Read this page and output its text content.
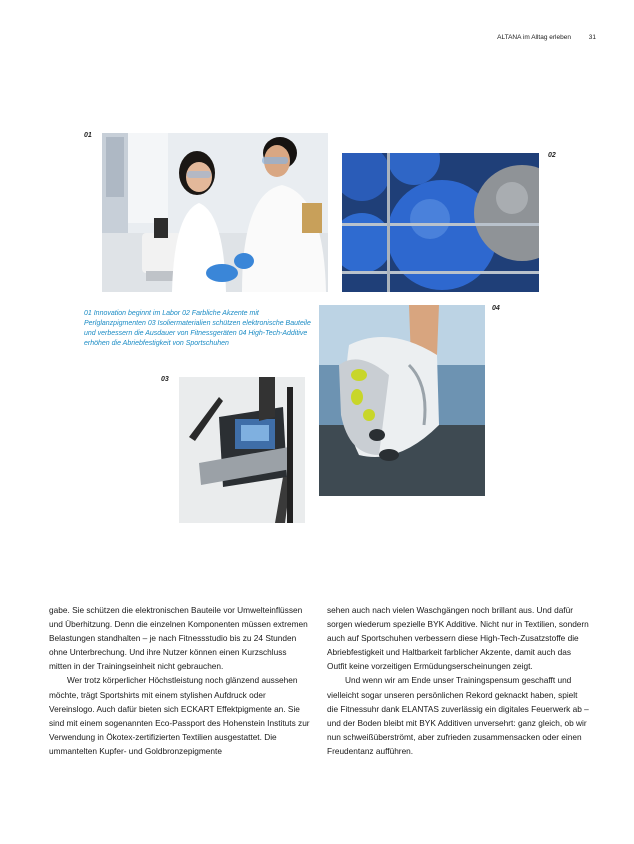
ALTANA im Alltag erleben	31
01
02
03
04
01 Innovation beginnt im Labor 02 Farbliche Akzente mit Perlglanzpigmenten 03 Isoliermaterialien schützen elektronische Bauteile und verbessern die Ausdauer von Fitnessgeräten 04 High-Tech-Additive erhöhen die Abriebfestigkeit von Sportschuhen

gabe. Sie schützen die elektronischen Bauteile vor Umwelteinflüssen und Überhitzung. Denn die einzelnen Komponenten müssen extremen Belastungen standhalten – je nach Fitnessstudio bis zu 24 Stunden ohne Unterbrechung. Und ihre Nutzer können einen Kurzschluss mitten in der Trainingseinheit nicht gebrauchen.

Wer trotz körperlicher Höchstleistung noch glänzend aussehen möchte, trägt Sportshirts mit einem stylishen Aufdruck oder Vereinslogo. Auch dafür bieten sich ECKART Effektpigmente an. Sie sind mit einem sogenannten Eco-Passport des Hohenstein Instituts zur Verwendung in Ökotex-zertifizierten Textilien ausgestattet. Die ummantelten Kupfer- und Goldbronzepigmente

sehen auch nach vielen Waschgängen noch brillant aus. Und dafür sorgen wiederum spezielle BYK Additive. Nicht nur in Textilien, sondern auch auf Sportschuhen verbessern diese High-Tech-Zusatzstoffe die Abriebfestigkeit und Haltbarkeit farblicher Akzente, damit auch das Outfit keine vorzeitigen Ermüdungserscheinungen zeigt.

Und wenn wir am Ende unser Trainingspensum geschafft und vielleicht sogar unseren persönlichen Rekord geknackt haben, spielt die Fitnessuhr dank ELANTAS zuverlässig ein digitales Feuerwerk ab – und der Boden bleibt mit BYK Additiven unversehrt: ganz gleich, ob wir nun schweißüberströmt, aber zufrieden zusammensacken oder einen Freudentanz aufführen.
